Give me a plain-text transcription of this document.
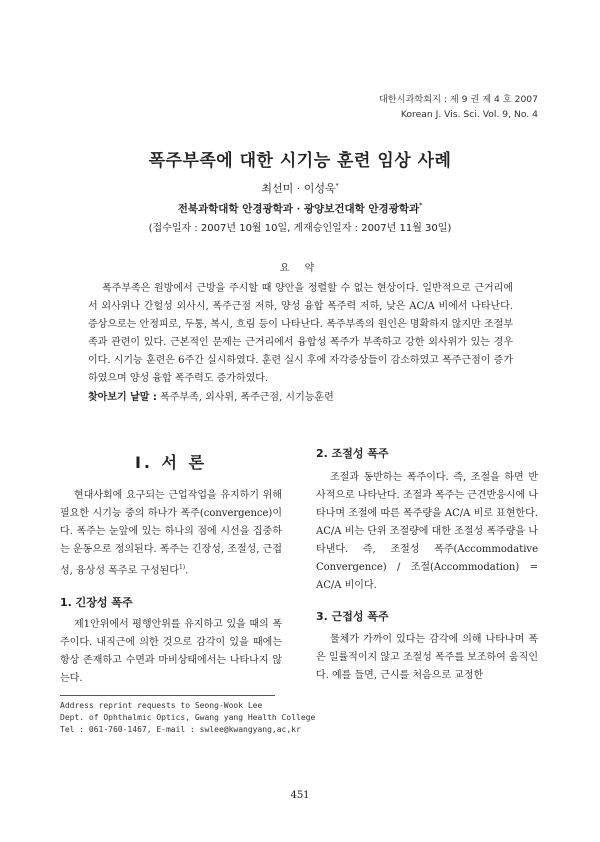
대한시과학회지 : 제 9 권 제 4 호 2007
Korean J. Vis. Sci. Vol. 9, No. 4
폭주부족에 대한 시기능 훈련 임상 사례
최선미 · 이성욱*
전북과학대학 안경광학과 · 광양보건대학 안경광학과*
(접수일자 : 2007년 10월 10일, 게재승인일자 : 2007년 11월 30일)
요 약
폭주부족은 원방에서 근방을 주시할 때 양안을 정렬할 수 없는 현상이다. 일반적으로 근거리에서 외사위나 간헐성 외사시, 폭주근점 저하, 양성 융합 폭주력 저하, 낮은 AC/A 비에서 나타난다. 증상으로는 안정피로, 두통, 복시, 흐림 등이 나타난다. 폭주부족의 원인은 명확하지 않지만 조절부족과 관련이 있다. 근본적인 문제는 근거리에서 융합성 폭주가 부족하고 강한 외사위가 있는 경우이다. 시기능 훈련은 6주간 실시하였다. 훈련 실시 후에 자각증상들이 감소하였고 폭주근점이 증가하였으며 양성 융합 폭주력도 증가하였다.
찾아보기 낱말 : 폭주부족, 외사위, 폭주근점, 시기능훈련
I. 서 론
현대사회에 요구되는 근업작업을 유지하기 위해 필요한 시기능 중의 하나가 폭주(convergence)이다. 폭주는 눈앞에 있는 하나의 점에 시선을 집중하는 운동으로 정의된다. 폭주는 긴장성, 조절성, 근접성, 융상성 폭주로 구성된다$^{1)}$.
1. 긴장성 폭주
제1안위에서 평행안위를 유지하고 있을 때의 폭주이다. 내직근에 의한 것으로 감각이 있을 때에는 항상 존재하고 수면과 마비상태에서는 나타나지 않는다.
2. 조절성 폭주
조절과 동반하는 폭주이다. 즉, 조절을 하면 반사적으로 나타난다. 조절과 폭주는 근견반응시에 나타나며 조절에 따른 폭주량을 AC/A 비로 표현한다. AC/A 비는 단위 조절량에 대한 조절성 폭주량을 나타낸다. 즉, 조절성 폭주(Accommodative Convergence) / 조절(Accommodation) = AC/A 비이다.
3. 근접성 폭주
물체가 가까이 있다는 감각에 의해 나타나며 폭은 일률적이지 않고 조절성 폭주를 보조하여 움직인다. 예를 들면, 근시를 처음으로 교정한
Address reprint requests to Seong-Wook Lee
Dept. of Ophthalmic Optics, Gwang yang Health College
Tel : 061-760-1467, E-mail : swlee@kwangyang,ac,kr
451
